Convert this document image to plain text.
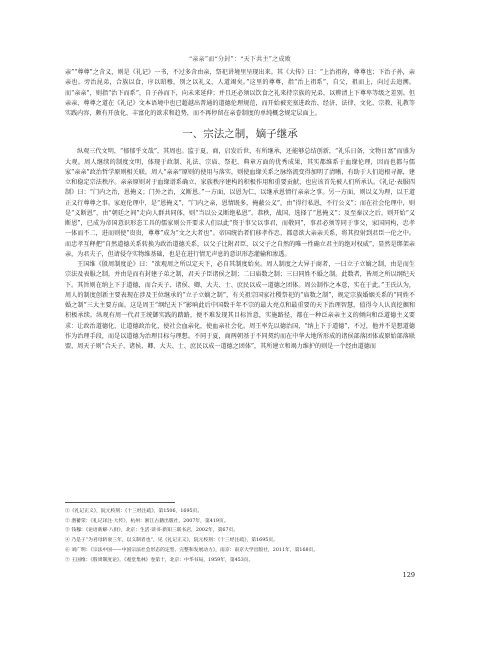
“亲亲”而“分封”：“天下共主”之成败

亲”“尊尊”之含义，则是《礼记》一书，不过多含由亲，祭祀讲境里呈现出来。其《大传》曰：“上治祖祢，尊尊也；下治子孙，亲亲也。旁治昆弟，合族以食，序以昭穆，别之以礼义，人道竭矣。”这里的尊尊，指“治上祖系”，自父，祖而上，向过去追溯。而“亲亲”，则指“治下而系”，自子孙而下，向未来延伸；并且还必须以饮食之礼来持宗族的兄弟，以辨清上下尊卑等级之差别。但亲亲、尊尊之道在《礼记》文本语境中也已超越出普通的道德伦理规范，而开始被充塞进政治、经济、法律、文化、宗教、礼教等实践内容，颇有开放化、丰富化的欲求和趋势，而不再停留在亲眷制度的单纯概念规定层面上。

一、宗法之制，嫡子继承

纵观三代文明，“郁郁乎文哉”，其周也。监于夏，商，启发后世，有所继承，还能够总结创新，“礼乐日备，文物日富”而盛为大观。周人继续的制度文明，体现于政制、礼法、宗庙、祭祀、典章方面的优秀成果，其实都维系于血缘伦理，因而也都与儒家“亲亲”政治哲学原则相关联。周人“亲亲”原则的使用与落实，则使血缘关系之脉络流变得加明了清晰，有助于人们追根寻源，建立和稳定宗法秩序。亲亲原则对于血缘谱系确立、家族秩序建构的积极作用和重要贡献，也应该首先被人们所承认。《礼记·表服四制》曰：“门内之治，恩掩义；门外之治，义断恩。”一方面，以恩为仁，以继承恩情行亲亲之事。另一方面，则以义为理，以王道正义行尊尊之事。家庭伦理中，是“恩掩义”，“门内之亲，恩情既多，掩蔽公义”，由“得行私恩，不行公义”；而在社会伦理中，则是“义断恩”，由“朝廷之间”走向人群共同体，则“当以公义断绝私恩”。恭秩，战国，选择了“恩掩义”；及至秦汉之后，则开始“义断恩”，已成为帝国意识形态工具的儒家则公开要求人们以此“资于事父以事君，而敬同”，事君必须等同于事父，家国同构，忠孝一体而不二，进而则使“贵贵，尊尊”成为“文之大者也”。帝国统治者们移孝作忠，都意欲大亲亲关系，将其投射到君臣一伦之中。而忠孝互释把“自然道德关系转换为政治道德关系，以父子比附君臣，以父子之自然的唯一性确立君主的绝对权威”，显然是绑架亲亲，为君夫子，但请侵夺实物维基础，也是在进行情无声息的意识形态灌输和渗透。

王国维《殷周制度论》曰：“欲观周之所以定天下，必自其制度始矣。周人制度之大异于商者，一曰立子立嫡之制，由是而生宗法及表服之制，并由是而有封建子弟之制，君天子臣诸侯之制；二曰庙数之制；三曰同姓不婚之制。此数者，皆周之所以纲纪天下。其旨则在纳上下于道德，而合天子、诸侯、卿、大夫、士、庶民以成一道德之团体。周公制作之本意，实在于此。”王氏认为，周人的制度创新主要表现在涉及王位继承的“立子立嫡之制”，有关祖宗国家社稷祭祀的“庙数之制”，规定宗族婚姻关系的“同姓不婚之制”三大主要方面。这是周王“纲纪天下”影响此后中国数千年不宗的最大亮点和最重要的天下治理智慧，值得今人认真挖掘和积极承续。纵观有周一代君王统御实践的踏路，便不难发现其目标旨意，实施路径，都在一种泛亲亲主义的倾向和泛道德主义要求：让政治道德化，让道德政治化，使社会血亲化，使血亲社会化。周王率先以德治国，“纳上下于道德”，不过，他并不是想道德作为治理手段，而是以道德为治理目标与理想。不同于夏，商两朝基于不同契约而在中华大地所形成的诸侯部落团体或原始部落联盟，周天子则“合天子、诸侯、卿、大夫、士、庶民以成一道德之团体”，其所建立和竭力维护的则是一个经由道德而

①《礼记正义》，阮元校刻：《十三经注疏》，第1506，1695页。
② 潜蓄荣：《礼记译注·大传》，杭州：浙江古籍出版社，2007年，第419页。
③ 钱穆：《论语新解·八佾》，北京：生活·读书·新知三联书店，2002年，第67页。
④ 乃是子“为君母斩衰三年，以义制者也”，见《礼记正义》，阮元校刻：《十三经注疏》，第1695页。
⑥ 刘广明：《宗法中国——中国宗法社会形态的定型、完整和发展动力》，南京：南京大学出版社，2011年，第168页。
⑦ 王国维：《殷周制度论》，《观堂集林》卷第十，北京：中华书局，1959年，第453页。
129
